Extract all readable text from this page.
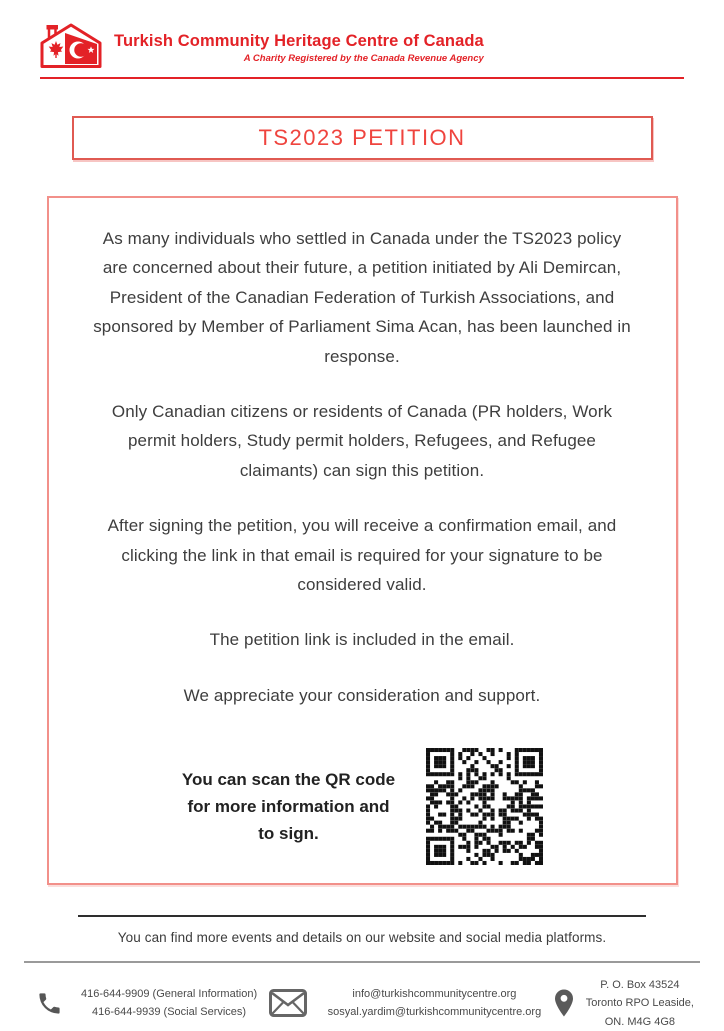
Turkish Community Heritage Centre of Canada
A Charity Registered by the Canada Revenue Agency
TS2023 PETITION

As many individuals who settled in Canada under the TS2023 policy are concerned about their future, a petition initiated by Ali Demircan, President of the Canadian Federation of Turkish Associations, and sponsored by Member of Parliament Sima Acan, has been launched in response.

Only Canadian citizens or residents of Canada (PR holders, Work permit holders, Study permit holders, Refugees, and Refugee claimants) can sign this petition.

After signing the petition, you will receive a confirmation email, and clicking the link in that email is required for your signature to be considered valid.

The petition link is included in the email.

We appreciate your consideration and support.

You can scan the QR code for more information and to sign.
You can find more events and details on our website and social media platforms.
416-644-9909 (General Information)
416-644-9939 (Social Services)
info@turkishcommunitycentre.org
sosyal.yardim@turkishcommunitycentre.org
P. O. Box 43524
Toronto RPO Leaside,
ON. M4G 4G8
